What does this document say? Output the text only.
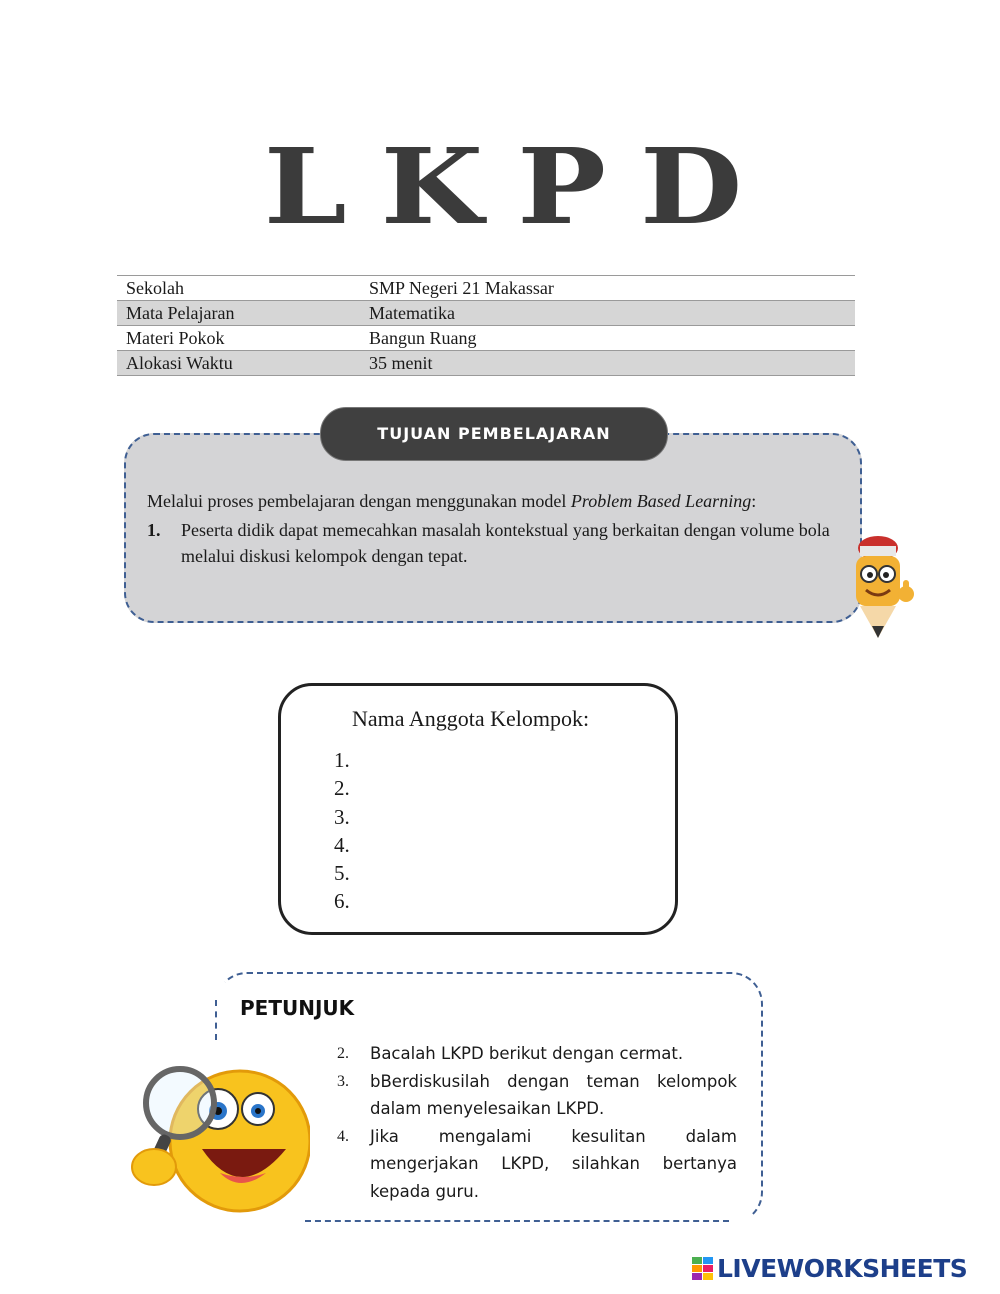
LKPD
Sekolah	SMP Negeri 21 Makassar
Mata Pelajaran	Matematika
Materi Pokok	Bangun Ruang
Alokasi Waktu	35 menit
TUJUAN PEMBELAJARAN
Melalui proses pembelajaran dengan menggunakan model Problem Based Learning:
1. Peserta didik dapat memecahkan masalah kontekstual yang berkaitan dengan volume bola melalui diskusi kelompok dengan tepat.
Nama Anggota Kelompok:
1.
2.
3.
4.
5.
6.
PETUNJUK
2. Bacalah LKPD berikut dengan cermat.
3. bBerdiskusilah dengan teman kelompok dalam menyelesaikan LKPD.
4. Jika mengalami kesulitan dalam mengerjakan LKPD, silahkan bertanya kepada guru.
LIVEWORKSHEETS
